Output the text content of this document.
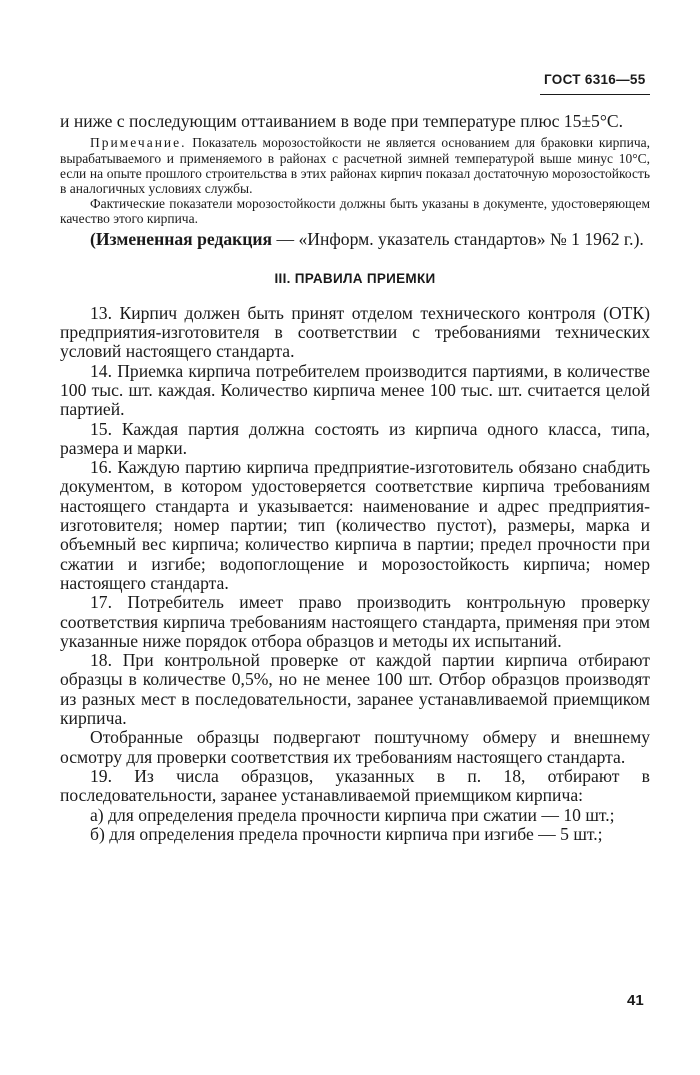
ГОСТ 6316—55

и ниже с последующим оттаиванием в воде при температуре плюс 15±5°С.

Примечание. Показатель морозостойкости не является основанием для браковки кирпича, вырабатываемого и применяемого в районах с расчетной зимней температурой выше минус 10°С, если на опыте прошлого строительства в этих районах кирпич показал достаточную морозостойкость в аналогичных условиях службы.

Фактические показатели морозостойкости должны быть указаны в документе, удостоверяющем качество этого кирпича.

(Измененная редакция — «Информ. указатель стандартов» № 1 1962 г.).

III. ПРАВИЛА ПРИЕМКИ

13. Кирпич должен быть принят отделом технического контроля (ОТК) предприятия-изготовителя в соответствии с требованиями технических условий настоящего стандарта.

14. Приемка кирпича потребителем производится партиями, в количестве 100 тыс. шт. каждая. Количество кирпича менее 100 тыс. шт. считается целой партией.

15. Каждая партия должна состоять из кирпича одного класса, типа, размера и марки.

16. Каждую партию кирпича предприятие-изготовитель обязано снабдить документом, в котором удостоверяется соответствие кирпича требованиям настоящего стандарта и указывается: наименование и адрес предприятия-изготовителя; номер партии; тип (количество пустот), размеры, марка и объемный вес кирпича; количество кирпича в партии; предел прочности при сжатии и изгибе; водопоглощение и морозостойкость кирпича; номер настоящего стандарта.

17. Потребитель имеет право производить контрольную проверку соответствия кирпича требованиям настоящего стандарта, применяя при этом указанные ниже порядок отбора образцов и методы их испытаний.

18. При контрольной проверке от каждой партии кирпича отбирают образцы в количестве 0,5%, но не менее 100 шт. Отбор образцов производят из разных мест в последовательности, заранее устанавливаемой приемщиком кирпича.

Отобранные образцы подвергают поштучному обмеру и внешнему осмотру для проверки соответствия их требованиям настоящего стандарта.

19. Из числа образцов, указанных в п. 18, отбирают в последовательности, заранее устанавливаемой приемщиком кирпича:

а) для определения предела прочности кирпича при сжатии — 10 шт.;

б) для определения предела прочности кирпича при изгибе — 5 шт.;

41
